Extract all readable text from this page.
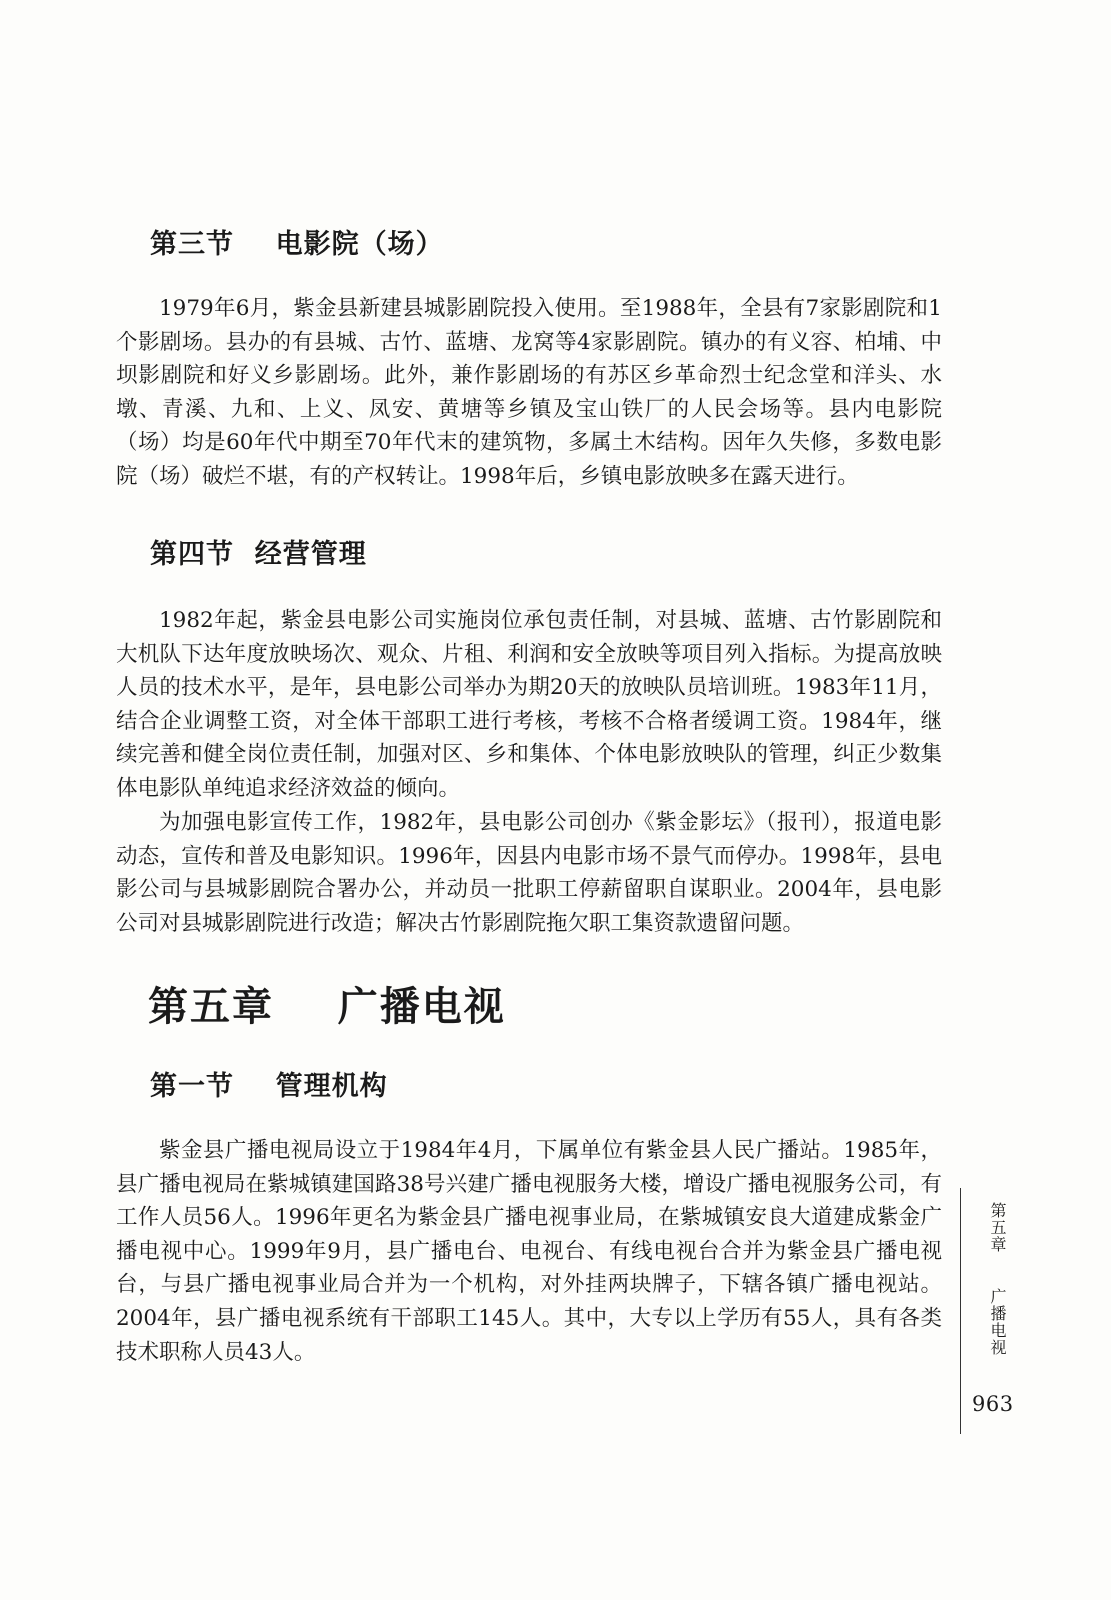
第三节    电影院（场）

1979年6月，紫金县新建县城影剧院投入使用。至1988年，全县有7家影剧院和1个影剧场。县办的有县城、古竹、蓝塘、龙窝等4家影剧院。镇办的有义容、柏埔、中坝影剧院和好义乡影剧场。此外，兼作影剧场的有苏区乡革命烈士纪念堂和洋头、水墩、青溪、九和、上义、凤安、黄塘等乡镇及宝山铁厂的人民会场等。县内电影院（场）均是60年代中期至70年代末的建筑物，多属土木结构。因年久失修，多数电影院（场）破烂不堪，有的产权转让。1998年后，乡镇电影放映多在露天进行。

第四节  经营管理

1982年起，紫金县电影公司实施岗位承包责任制，对县城、蓝塘、古竹影剧院和大机队下达年度放映场次、观众、片租、利润和安全放映等项目列入指标。为提高放映人员的技术水平，是年，县电影公司举办为期20天的放映队员培训班。1983年11月，结合企业调整工资，对全体干部职工进行考核，考核不合格者缓调工资。1984年，继续完善和健全岗位责任制，加强对区、乡和集体、个体电影放映队的管理，纠正少数集体电影队单纯追求经济效益的倾向。

为加强电影宣传工作，1982年，县电影公司创办《紫金影坛》（报刊），报道电影动态，宣传和普及电影知识。1996年，因县内电影市场不景气而停办。1998年，县电影公司与县城影剧院合署办公，并动员一批职工停薪留职自谋职业。2004年，县电影公司对县城影剧院进行改造；解决古竹影剧院拖欠职工集资款遗留问题。

第五章    广播电视
第一节    管理机构

紫金县广播电视局设立于1984年4月，下属单位有紫金县人民广播站。1985年，县广播电视局在紫城镇建国路38号兴建广播电视服务大楼，增设广播电视服务公司，有工作人员56人。1996年更名为紫金县广播电视事业局，在紫城镇安良大道建成紫金广播电视中心。1999年9月，县广播电台、电视台、有线电视台合并为紫金县广播电视台，与县广播电视事业局合并为一个机构，对外挂两块牌子，下辖各镇广播电视站。2004年，县广播电视系统有干部职工145人。其中，大专以上学历有55人，具有各类技术职称人员43人。

第五章
广播电视
963
